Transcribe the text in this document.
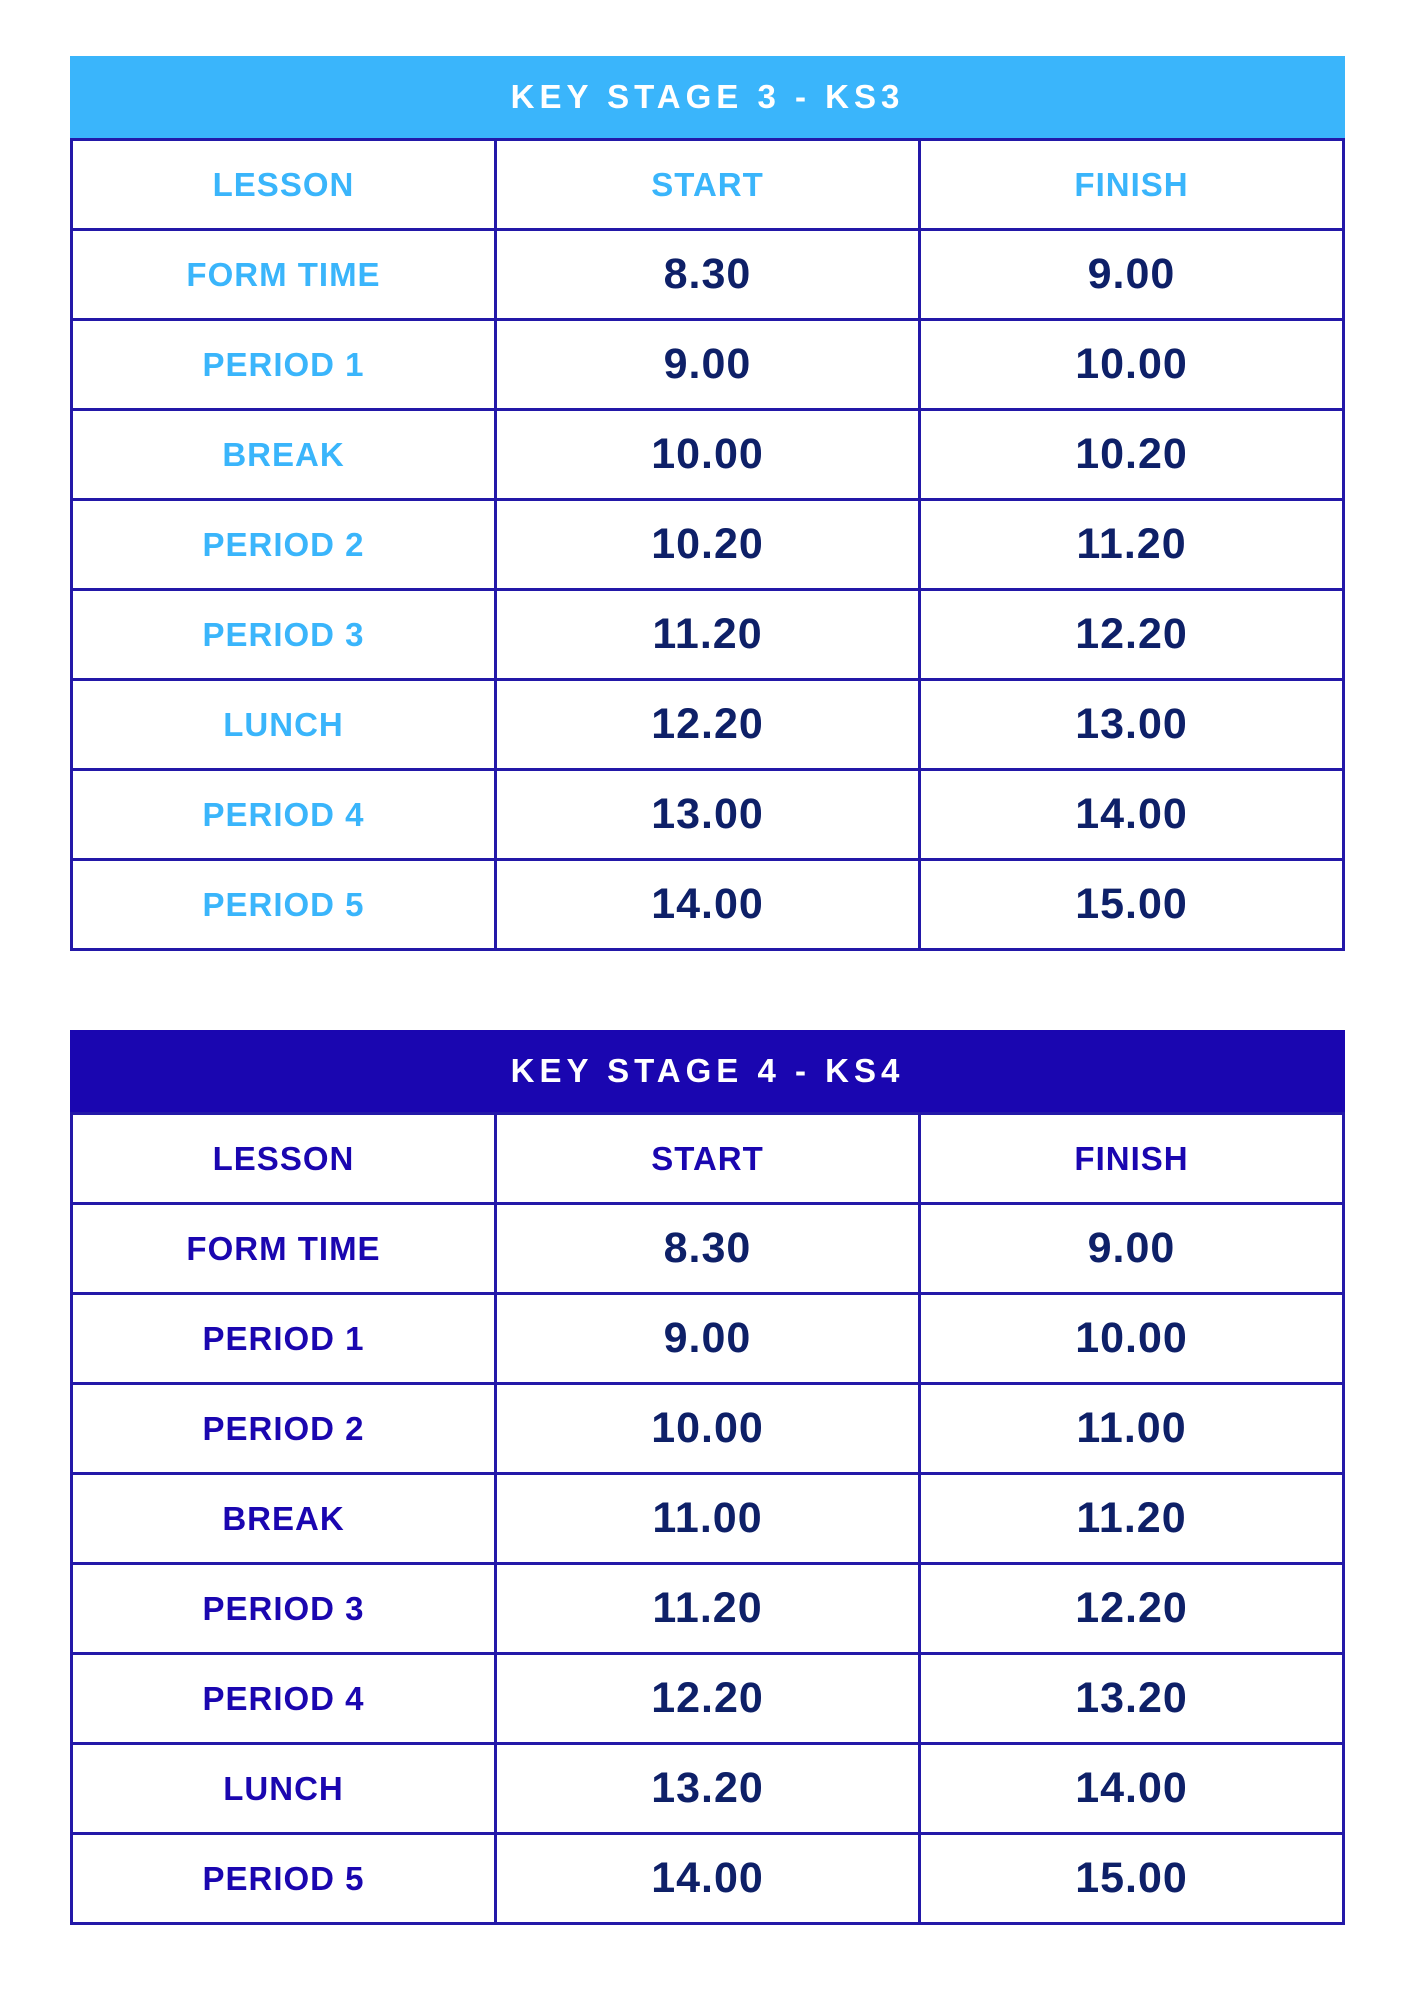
KEY STAGE 3 - KS3
LESSON	START	FINISH
FORM TIME	8.30	9.00
PERIOD 1	9.00	10.00
BREAK	10.00	10.20
PERIOD 2	10.20	11.20
PERIOD 3	11.20	12.20
LUNCH	12.20	13.00
PERIOD 4	13.00	14.00
PERIOD 5	14.00	15.00
KEY STAGE 4 - KS4
LESSON	START	FINISH
FORM TIME	8.30	9.00
PERIOD 1	9.00	10.00
PERIOD 2	10.00	11.00
BREAK	11.00	11.20
PERIOD 3	11.20	12.20
PERIOD 4	12.20	13.20
LUNCH	13.20	14.00
PERIOD 5	14.00	15.00
